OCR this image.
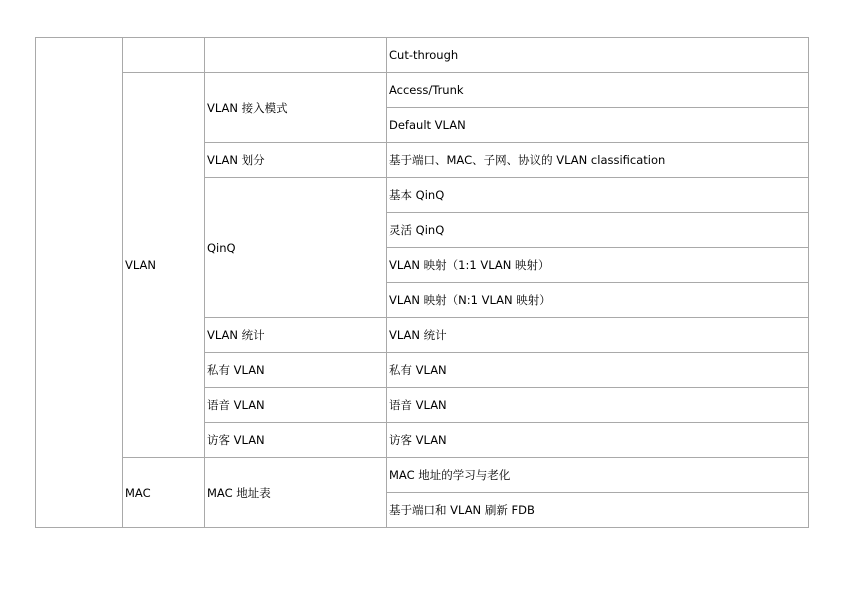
			Cut-through
	VLAN	VLAN 接入模式	Access/Trunk
			Default VLAN
		VLAN 划分	基于端口、MAC、子网、协议的 VLAN classification
		QinQ	基本 QinQ
			灵活 QinQ
			VLAN 映射（1:1 VLAN 映射）
			VLAN 映射（N:1 VLAN 映射）
		VLAN 统计	VLAN 统计
		私有 VLAN	私有 VLAN
		语音 VLAN	语音 VLAN
		访客 VLAN	访客 VLAN
	MAC	MAC 地址表	MAC 地址的学习与老化
			基于端口和 VLAN 刷新 FDB
